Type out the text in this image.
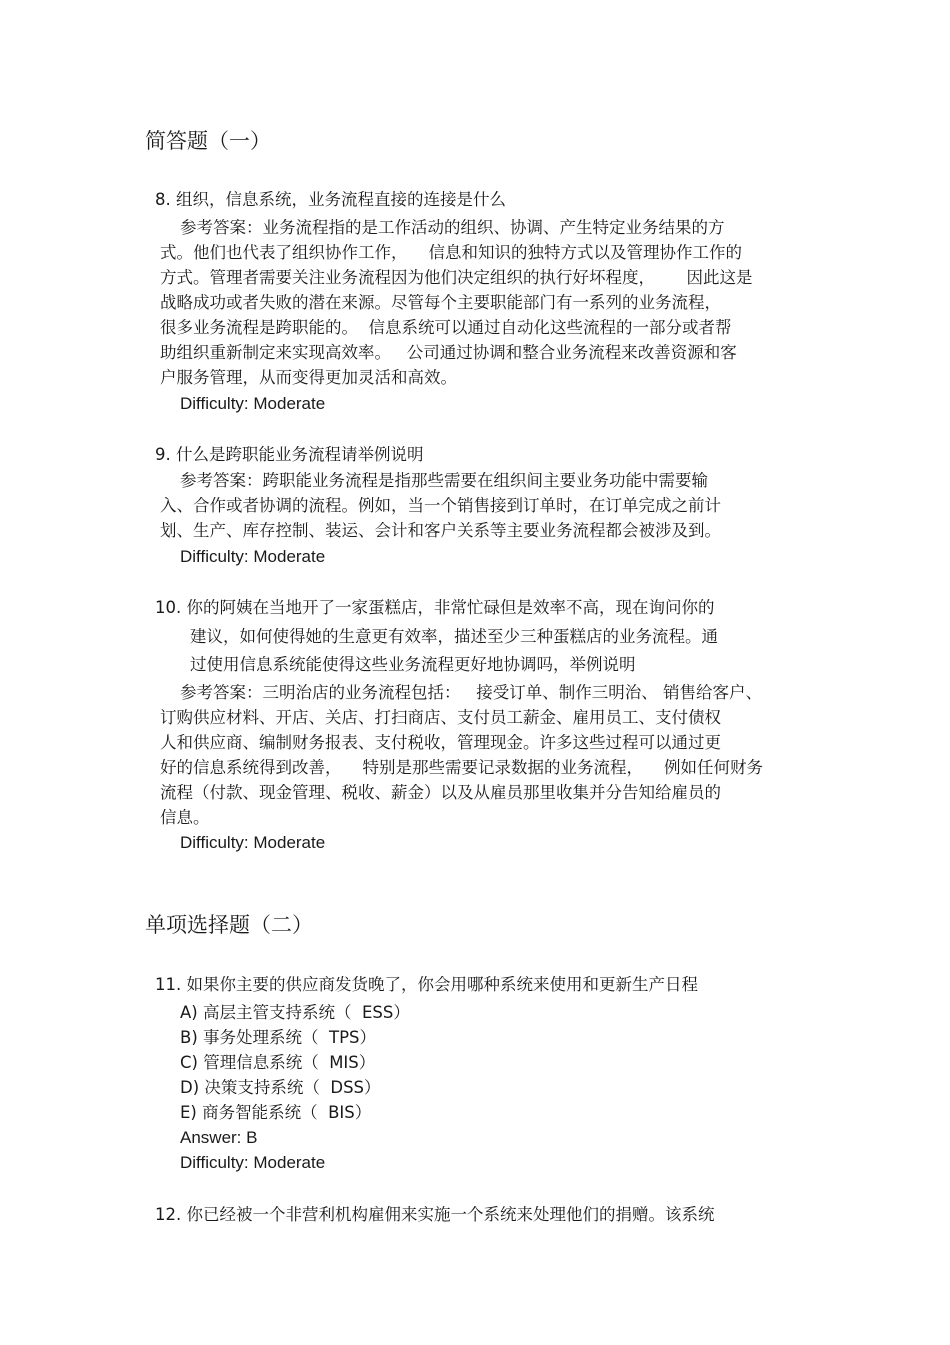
简答题（一）
8. 组织，信息系统，业务流程直接的连接是什么
参考答案：业务流程指的是工作活动的组织、协调、产生特定业务结果的方
式。他们也代表了组织协作工作，    信息和知识的独特方式以及管理协作工作的
方式。管理者需要关注业务流程因为他们决定组织的执行好坏程度，      因此这是
战略成功或者失败的潜在来源。尽管每个主要职能部门有一系列的业务流程，
很多业务流程是跨职能的。  信息系统可以通过自动化这些流程的一部分或者帮
助组织重新制定来实现高效率。   公司通过协调和整合业务流程来改善资源和客
户服务管理，从而变得更加灵活和高效。
Difficulty: Moderate
9. 什么是跨职能业务流程请举例说明
参考答案：跨职能业务流程是指那些需要在组织间主要业务功能中需要输
入、合作或者协调的流程。例如，当一个销售接到订单时，在订单完成之前计
划、生产、库存控制、装运、会计和客户关系等主要业务流程都会被涉及到。
Difficulty: Moderate
10. 你的阿姨在当地开了一家蛋糕店，非常忙碌但是效率不高，现在询问你的
建议，如何使得她的生意更有效率，描述至少三种蛋糕店的业务流程。通
过使用信息系统能使得这些业务流程更好地协调吗，举例说明
参考答案：三明治店的业务流程包括：   接受订单、制作三明治、 销售给客户、
订购供应材料、开店、关店、打扫商店、支付员工薪金、雇用员工、支付债权
人和供应商、编制财务报表、支付税收，管理现金。许多这些过程可以通过更
好的信息系统得到改善，    特别是那些需要记录数据的业务流程，    例如任何财务
流程（付款、现金管理、税收、薪金）以及从雇员那里收集并分告知给雇员的
信息。
Difficulty: Moderate
单项选择题（二）
11. 如果你主要的供应商发货晚了，你会用哪种系统来使用和更新生产日程
A) 高层主管支持系统（  ESS）
B) 事务处理系统（  TPS）
C) 管理信息系统（  MIS）
D) 决策支持系统（  DSS）
E) 商务智能系统（  BIS）
Answer: B
Difficulty: Moderate
12. 你已经被一个非营利机构雇佣来实施一个系统来处理他们的捐赠。该系统
